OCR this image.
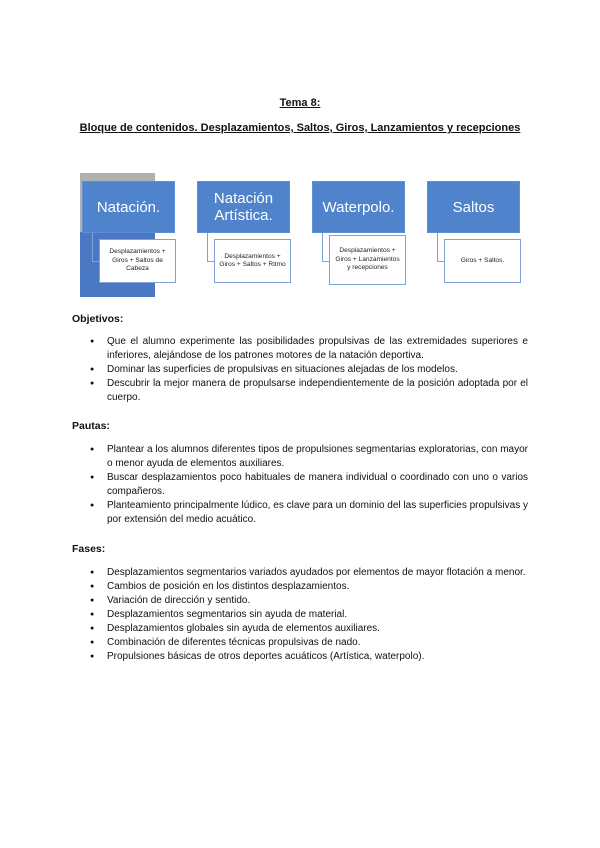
Tema 8:
Bloque de contenidos. Desplazamientos, Saltos, Giros, Lanzamientos y recepciones
Natación.
Desplazamientos + Giros + Saltos de Cabeza
Natación Artística.
Desplazamientos + Giros + Saltos + Ritmo
Waterpolo.
Desplazamientos + Giros + Lanzamientos y recepciones
Saltos
Giros + Saltos.
Objetivos:
● Que el alumno experimente las posibilidades propulsivas de las extremidades superiores e inferiores, alejándose de los patrones motores de la natación deportiva.
● Dominar las superficies de propulsivas en situaciones alejadas de los modelos.
● Descubrir la mejor manera de propulsarse independientemente de la posición adoptada por el cuerpo.
Pautas:
● Plantear a los alumnos diferentes tipos de propulsiones segmentarias exploratorias, con mayor o menor ayuda de elementos auxiliares.
● Buscar desplazamientos poco habituales de manera individual o coordinado con uno o varios compañeros.
● Planteamiento principalmente lúdico, es clave para un dominio del las superficies propulsivas y por extensión del medio acuático.
Fases:
● Desplazamientos segmentarios variados ayudados por elementos de mayor flotación a menor.
● Cambios de posición en los distintos desplazamientos.
● Variación de dirección y sentido.
● Desplazamientos segmentarios sin ayuda de material.
● Desplazamientos globales sin ayuda de elementos auxiliares.
● Combinación de diferentes técnicas propulsivas de nado.
● Propulsiones básicas de otros deportes acuáticos (Artística, waterpolo).
